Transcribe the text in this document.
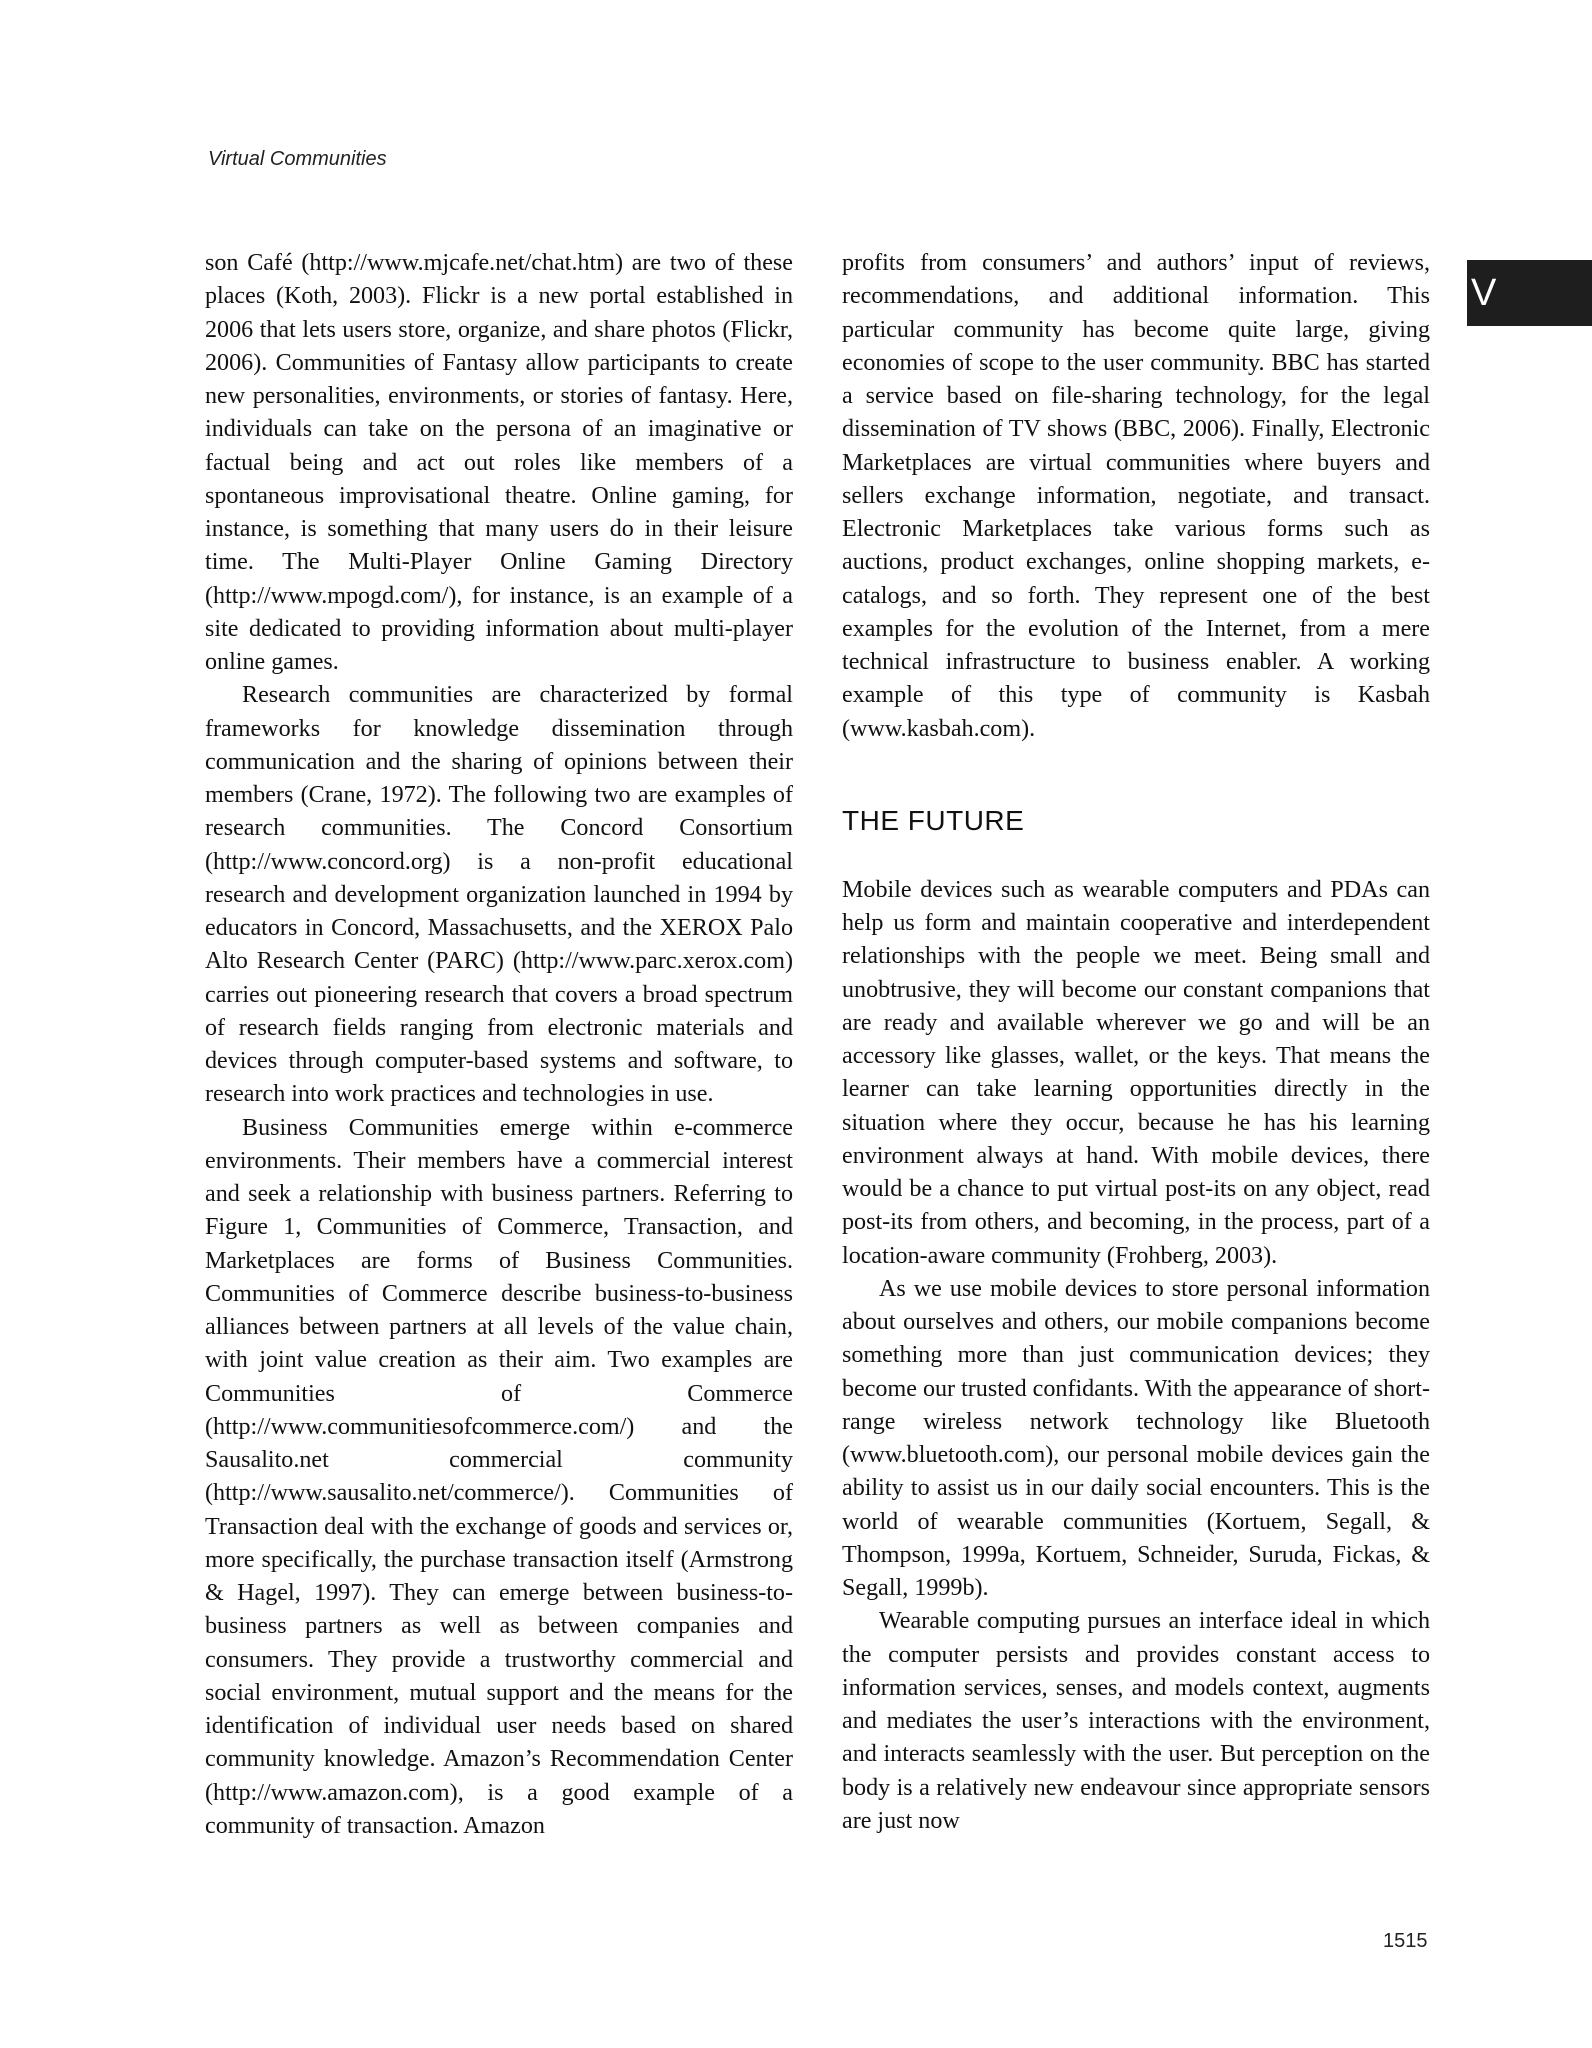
Virtual Communities
V

son Café (http://www.mjcafe.net/chat.htm) are two of these places (Koth, 2003). Flickr is a new portal established in 2006 that lets users store, organize, and share photos (Flickr, 2006). Communities of Fantasy allow participants to create new personalities, environments, or stories of fantasy. Here, individuals can take on the persona of an imaginative or factual being and act out roles like members of a spontaneous improvisational theatre. Online gaming, for instance, is something that many users do in their leisure time. The Multi-Player Online Gaming Directory (http://www.mpogd.com/), for instance, is an example of a site dedicated to providing information about multi-player online games.

Research communities are characterized by formal frameworks for knowledge dissemination through communication and the sharing of opinions between their members (Crane, 1972). The following two are examples of research communities. The Concord Consortium (http://www.concord.org) is a non-profit educational research and development organization launched in 1994 by educators in Concord, Massachusetts, and the XEROX Palo Alto Research Center (PARC) (http://www.parc.xerox.com) carries out pioneering research that covers a broad spectrum of research fields ranging from electronic materials and devices through computer-based systems and software, to research into work practices and technologies in use.

Business Communities emerge within e-commerce environments. Their members have a commercial interest and seek a relationship with business partners. Referring to Figure 1, Communities of Commerce, Transaction, and Marketplaces are forms of Business Communities. Communities of Commerce describe business-to-business alliances between partners at all levels of the value chain, with joint value creation as their aim. Two examples are Communities of Commerce (http://www.communitiesofcommerce.com/) and the Sausalito.net commercial community (http://www.sausalito.net/commerce/). Communities of Transaction deal with the exchange of goods and services or, more specifically, the purchase transaction itself (Armstrong & Hagel, 1997). They can emerge between business-to-business partners as well as between companies and consumers. They provide a trustworthy commercial and social environment, mutual support and the means for the identification of individual user needs based on shared community knowledge. Amazon’s Recommendation Center (http://www.amazon.com), is a good example of a community of transaction. Amazon

profits from consumers’ and authors’ input of reviews, recommendations, and additional information. This particular community has become quite large, giving economies of scope to the user community. BBC has started a service based on file-sharing technology, for the legal dissemination of TV shows (BBC, 2006). Finally, Electronic Marketplaces are virtual communities where buyers and sellers exchange information, negotiate, and transact. Electronic Marketplaces take various forms such as auctions, product exchanges, online shopping markets, e-catalogs, and so forth. They represent one of the best examples for the evolution of the Internet, from a mere technical infrastructure to business enabler. A working example of this type of community is Kasbah (www.kasbah.com).

THE FUTURE

Mobile devices such as wearable computers and PDAs can help us form and maintain cooperative and interdependent relationships with the people we meet. Being small and unobtrusive, they will become our constant companions that are ready and available wherever we go and will be an accessory like glasses, wallet, or the keys. That means the learner can take learning opportunities directly in the situation where they occur, because he has his learning environment always at hand. With mobile devices, there would be a chance to put virtual post-its on any object, read post-its from others, and becoming, in the process, part of a location-aware community (Frohberg, 2003).

As we use mobile devices to store personal information about ourselves and others, our mobile companions become something more than just communication devices; they become our trusted confidants. With the appearance of short-range wireless network technology like Bluetooth (www.bluetooth.com), our personal mobile devices gain the ability to assist us in our daily social encounters. This is the world of wearable communities (Kortuem, Segall, & Thompson, 1999a, Kortuem, Schneider, Suruda, Fickas, & Segall, 1999b).

Wearable computing pursues an interface ideal in which the computer persists and provides constant access to information services, senses, and models context, augments and mediates the user’s interactions with the environment, and interacts seamlessly with the user. But perception on the body is a relatively new endeavour since appropriate sensors are just now

1515
